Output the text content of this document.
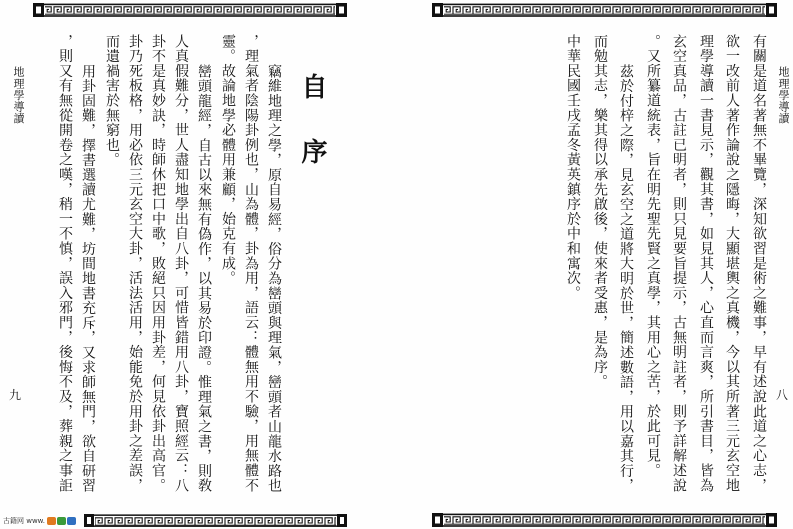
地理學導讀
九
自序
竊維地理之學，原自易經，俗分為巒頭與理氣，巒頭者山龍水路也
，理氣者陰陽卦例也，山為體，卦為用，語云：體無用不驗，用無體不
靈。故論地學必體用兼顧，始克有成。
巒頭龍經，自古以來無有偽作，以其易於印證。惟理氣之書，則敎
人真假難分，世人盡知地學出自八卦，可惜皆錯用八卦，寶照經云：八
卦不是真妙訣，時師休把口中歌，敗絕只因用卦差，何見依卦出高官。
卦乃死板格，用必依三元玄空大卦，活法活用，始能免於用卦之差誤，
而遺禍害於無窮也。
用卦固難，擇書選讀尤難，坊間地書充斥，又求師無門，欲自研習
，則又有無從開卷之嘆，稍一不慎，誤入邪門，後悔不及，葬親之事詎
古籍网 www.
地理學導讀
八
有關是道名著無不畢覽，深知欲習是術之難事，早有述說此道之心志，
欲一改前人著作論說之隱晦，大顯堪輿之真機，今以其所著三元玄空地
理學導讀一書見示，觀其書，如見其人，心直而言爽，所引書目，皆為
玄空真品，古註已明者，則只見要旨提示，古無明註者，則予詳解述說
。又所纂道統表，旨在明先聖先賢之真學，其用心之苦，於此可見。
茲於付梓之際，見玄空之道將大明於世，簡述數語，用以嘉其行，
而勉其志，樂其得以承先啟後，使來者受惠，是為序。
中華民國壬戌孟冬黃英鎮序於中和寓次。
